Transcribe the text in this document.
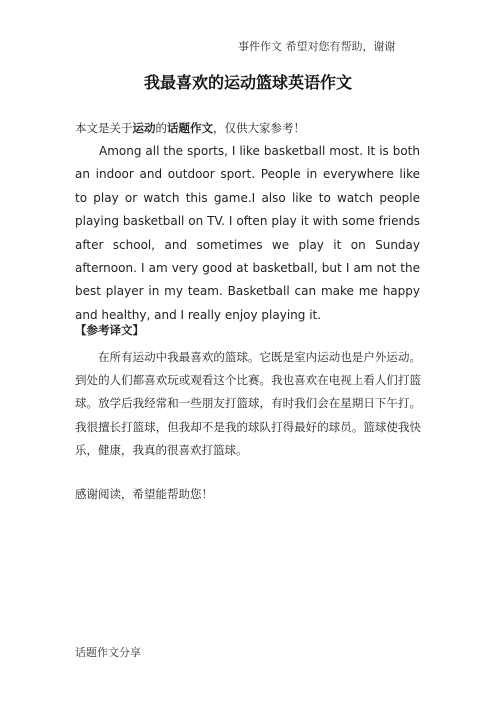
事件作文 希望对您有帮助，谢谢
我最喜欢的运动篮球英语作文
本文是关于运动的话题作文，仅供大家参考！
Among all the sports, I like basketball most. It is both an indoor and outdoor sport. People in everywhere like to play or watch this game.I also like to watch people playing basketball on TV. I often play it with some friends after school, and sometimes we play it on Sunday afternoon. I am very good at basketball, but I am not the best player in my team. Basketball can make me happy and healthy, and I really enjoy playing it.
【参考译文】
在所有运动中我最喜欢的篮球。它既是室内运动也是户外运动。到处的人们都喜欢玩或观看这个比赛。我也喜欢在电视上看人们打篮球。放学后我经常和一些朋友打篮球，有时我们会在星期日下午打。我很擅长打篮球，但我却不是我的球队打得最好的球员。篮球使我快乐，健康，我真的很喜欢打篮球。
感谢阅读，希望能帮助您！
话题作文分享
